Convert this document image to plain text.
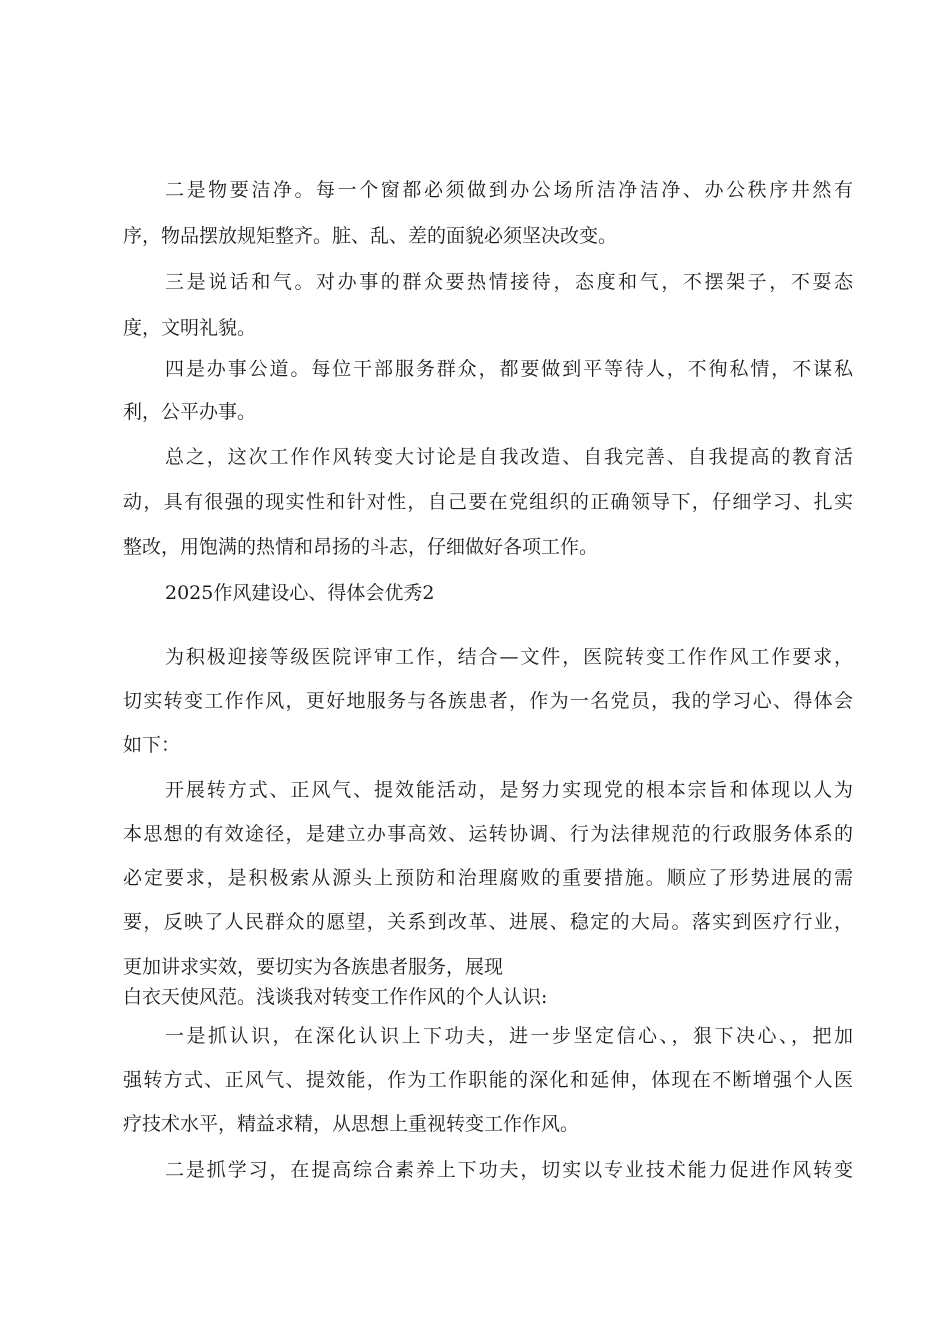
二是物要洁净。每一个窗都必须做到办公场所洁净洁净、办公秩序井然有
序，物品摆放规矩整齐。脏、乱、差的面貌必须坚决改变。
三是说话和气。对办事的群众要热情接待，态度和气，不摆架子，不耍态
度，文明礼貌。
四是办事公道。每位干部服务群众，都要做到平等待人，不徇私情，不谋私
利，公平办事。
总之，这次工作作风转变大讨论是自我改造、自我完善、自我提高的教育活
动，具有很强的现实性和针对性，自己要在党组织的正确领导下，仔细学习、扎实
整改，用饱满的热情和昂扬的斗志，仔细做好各项工作。
2025作风建设心、得体会优秀2
为积极迎接等级医院评审工作，结合—文件，医院转变工作作风工作要求，
切实转变工作作风，更好地服务与各族患者，作为一名党员，我的学习心、得体会
如下：
开展转方式、正风气、提效能活动，是努力实现党的根本宗旨和体现以人为
本思想的有效途径，是建立办事高效、运转协调、行为法律规范的行政服务体系的
必定要求，是积极索从源头上预防和治理腐败的重要措施。顺应了形势进展的需
要，反映了人民群众的愿望，关系到改革、进展、稳定的大局。落实到医疗行业，
更加讲求实效，要切实为各族患者服务，展现
白衣天使风范。浅谈我对转变工作作风的个人认识:
一是抓认识，在深化认识上下功夫，进一步坚定信心、，狠下决心、，把加
强转方式、正风气、提效能，作为工作职能的深化和延伸，体现在不断增强个人医
疗技术水平，精益求精，从思想上重视转变工作作风。
二是抓学习，在提高综合素养上下功夫，切实以专业技术能力促进作风转变
